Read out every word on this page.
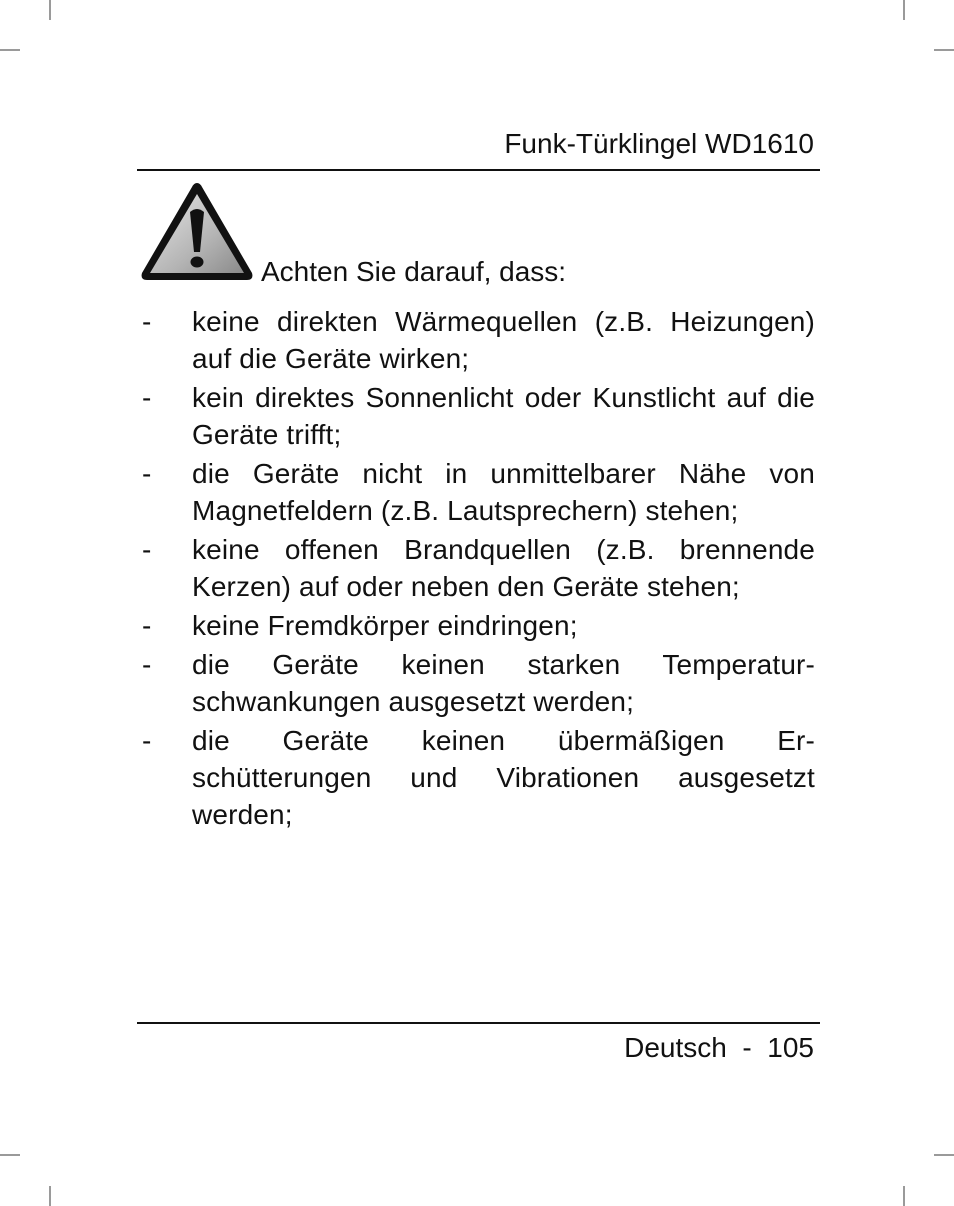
Funk-Türklingel WD1610
Achten Sie darauf, dass:
- keine direkten Wärmequellen (z.B. Heizungen) auf die Geräte wirken;
- kein direktes Sonnenlicht oder Kunstlicht auf die Geräte trifft;
- die Geräte nicht in unmittelbarer Nähe von Magnetfeldern (z.B. Lautsprechern) stehen;
- keine offenen Brandquellen (z.B. brennende Kerzen) auf oder neben den Geräte stehen;
- keine Fremdkörper eindringen;
- die Geräte keinen starken Temperatur-schwankungen ausgesetzt werden;
- die Geräte keinen übermäßigen Er-schütterungen und Vibrationen ausgesetzt werden;
Deutsch  -  105
